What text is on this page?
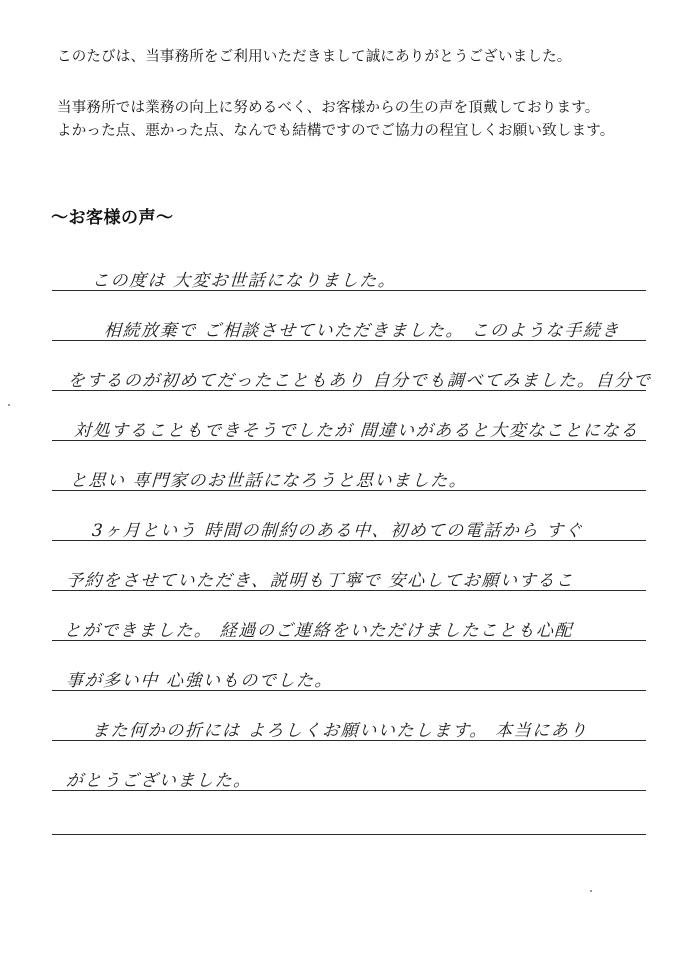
このたびは、当事務所をご利用いただきまして誠にありがとうございました。
当事務所では業務の向上に努めるべく、お客様からの生の声を頂戴しております。
よかった点、悪かった点、なんでも結構ですのでご協力の程宜しくお願い致します。
～お客様の声～
この度は 大変お世話になりました。
相続放棄で ご相談させていただきました。 このような手続き
をするのが初めてだったこともあり 自分でも調べてみました。自分で
対処することもできそうでしたが 間違いがあると大変なことになる
と思い 専門家のお世話になろうと思いました。
3ヶ月という 時間の制約のある中、初めての電話から すぐ
予約をさせていただき、説明も丁寧で 安心してお願いするこ
とができました。 経過のご連絡をいただけましたことも心配
事が多い中 心強いものでした。
また何かの折には よろしくお願いいたします。 本当にあり
がとうございました。
